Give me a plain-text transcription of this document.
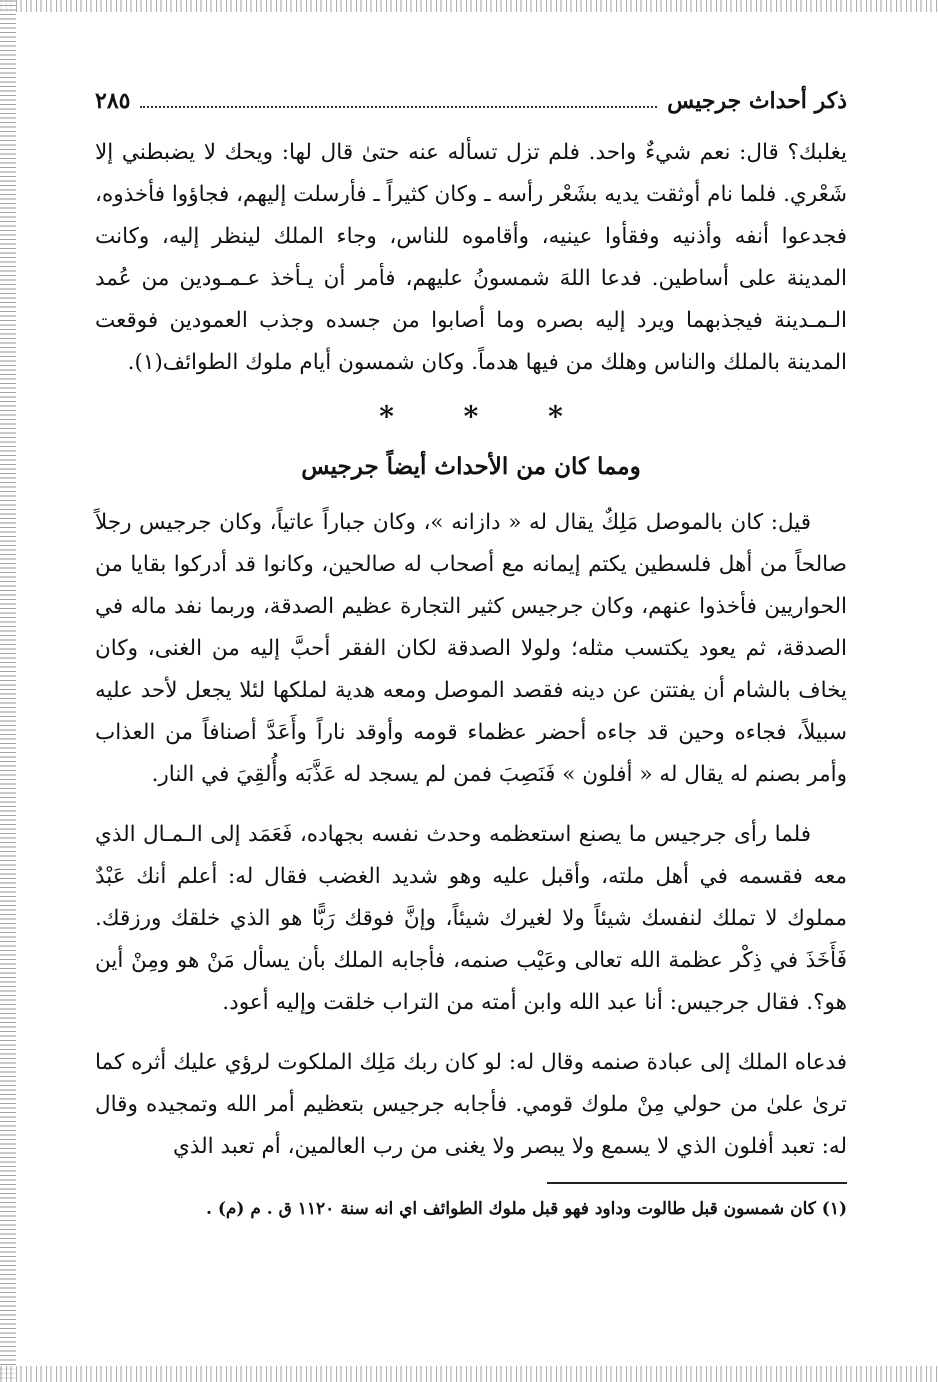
ذكر أحداث جرجيس
٢٨٥

يغلبك؟ قال: نعم شيءٌ واحد. فلم تزل تسأله عنه حتىٰ قال لها: ويحك لا يضبطني إلا شَعْري. فلما نام أوثقت يديه بشَعْر رأسه ـ وكان كثيراً ـ فأرسلت إليهم، فجاؤوا فأخذوه، فجدعوا أنفه وأذنيه وفقأوا عينيه، وأقاموه للناس، وجاء الملك لينظر إليه، وكانت المدينة على أساطين. فدعا اللهَ شمسونُ عليهم، فأمر أن يـأخذ عـمـودين من عُمد الـمـدينة فيجذبهما ويرد إليه بصره وما أصابوا من جسده وجذب العمودين فوقعت المدينة بالملك والناس وهلك من فيها هدماً. وكان شمسون أيام ملوك الطوائف(١).

* * *
ومما كان من الأحداث أيضاً جرجيس

قيل: كان بالموصل مَلِكٌ يقال له « دازانه »، وكان جباراً عاتياً، وكان جرجيس رجلاً صالحاً من أهل فلسطين يكتم إيمانه مع أصحاب له صالحين، وكانوا قد أدركوا بقايا من الحواريين فأخذوا عنهم، وكان جرجيس كثير التجارة عظيم الصدقة، وربما نفد ماله في الصدقة، ثم يعود يكتسب مثله؛ ولولا الصدقة لكان الفقر أحبَّ إليه من الغنى، وكان يخاف بالشام أن يفتتن عن دينه فقصد الموصل ومعه هدية لملكها لئلا يجعل لأحد عليه سبيلاً، فجاءه وحين قد جاءه أحضر عظماء قومه وأوقد ناراً وأَعَدَّ أصنافاً من العذاب وأمر بصنم له يقال له « أفلون » فَنَصِبَ فمن لم يسجد له عَذَّبَه وأُلقِيَ في النار.

فلما رأى جرجيس ما يصنع استعظمه وحدث نفسه بجهاده، فَعَمَد إلى الـمـال الذي معه فقسمه في أهل ملته، وأقبل عليه وهو شديد الغضب فقال له: أعلم أنك عَبْدٌ مملوك لا تملك لنفسك شيئاً ولا لغيرك شيئاً، وإنَّ فوقك رَبًّا هو الذي خلقك ورزقك. فَأَخَذَ في ذِكْر عظمة الله تعالى وعَيْب صنمه، فأجابه الملك بأن يسأل مَنْ هو ومِنْ أين هو؟. فقال جرجيس: أنا عبد الله وابن أمته من التراب خلقت وإليه أعود.

فدعاه الملك إلى عبادة صنمه وقال له: لو كان ربك مَلِك الملكوت لرؤي عليك أثره كما ترىٰ علىٰ من حولي مِنْ ملوك قومي. فأجابه جرجيس بتعظيم أمر الله وتمجيده وقال له: تعبد أفلون الذي لا يسمع ولا يبصر ولا يغنى من رب العالمين، أم تعبد الذي

(١) كان شمسون قبل طالوت وداود فهو قبل ملوك الطوائف اي انه سنة ١١٢٠ ق . م (م) .
